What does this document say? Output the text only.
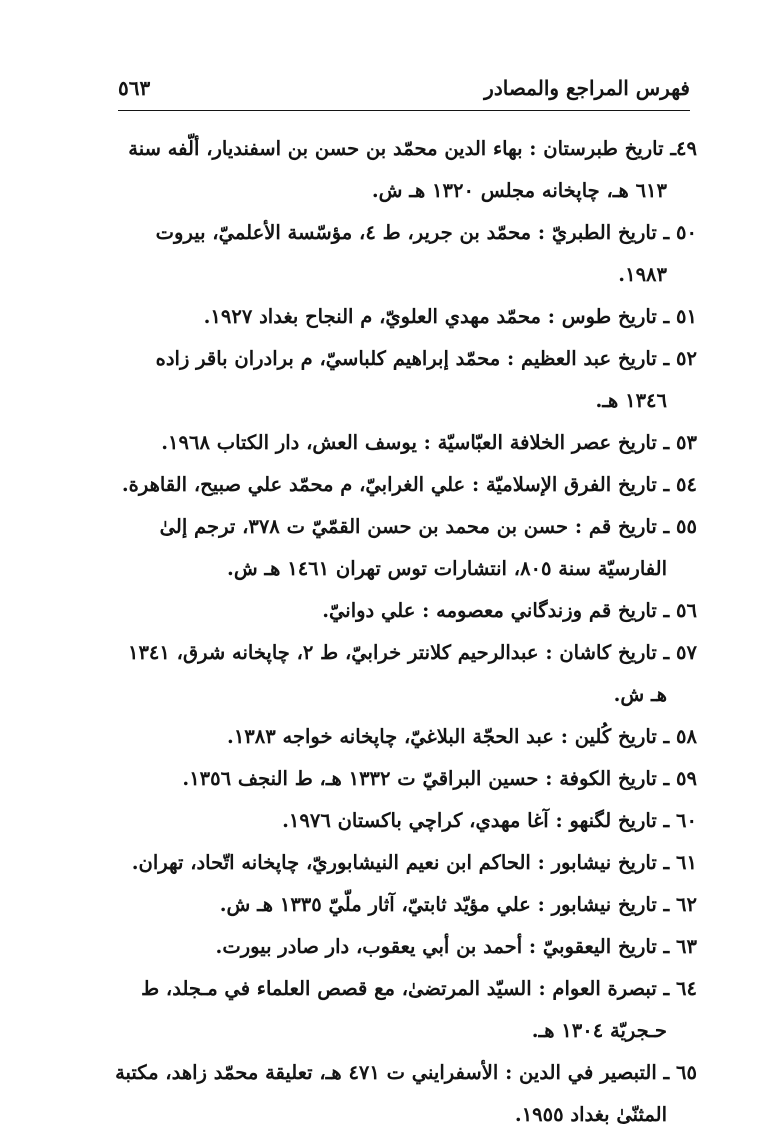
فهرس المراجع والمصادر
٥٦٣
٤٩ـ تاريخ طبرستان : بهاء الدين محمّد بن حسن بن اسفنديار، ألّفه سنة ٦١٣ هـ، چاپخانه مجلس ١٣٢٠ هـ ش.
٥٠ ـ تاريخ الطبريّ : محمّد بن جرير، ط ٤، مؤسّسة الأعلميّ، بيروت ١٩٨٣.
٥١ ـ تاريخ طوس : محمّد مهدي العلويّ، م النجاح بغداد ١٩٢٧.
٥٢ ـ تاريخ عبد العظيم : محمّد إبراهيم كلباسيّ، م برادران باقر زاده ١٣٤٦ هـ.
٥٣ ـ تاريخ عصر الخلافة العبّاسيّة : يوسف العش، دار الكتاب ١٩٦٨.
٥٤ ـ تاريخ الفرق الإسلاميّة : علي الغرابيّ، م محمّد علي صبيح، القاهرة.
٥٥ ـ تاريخ قم : حسن بن محمد بن حسن القمّيّ ت ٣٧٨، ترجم إلىٰ الفارسيّة سنة ٨٠٥، انتشارات توس تهران ١٤٦١ هـ ش.
٥٦ ـ تاريخ قم وزندگاني معصومه : علي دوانيّ.
٥٧ ـ تاريخ كاشان : عبدالرحيم كلانتر خرابيّ، ط ٢، چاپخانه شرق، ١٣٤١ هـ ش.
٥٨ ـ تاريخ كُلين : عبد الحجّة البلاغيّ، چاپخانه خواجه ١٣٨٣.
٥٩ ـ تاريخ الكوفة : حسين البراقيّ ت ١٣٣٢ هـ، ط النجف ١٣٥٦.
٦٠ ـ تاريخ لگنهو : آغا مهدي، كراچي باكستان ١٩٧٦.
٦١ ـ تاريخ نيشابور : الحاكم ابن نعيم النيشابوريّ، چاپخانه اتّحاد، تهران.
٦٢ ـ تاريخ نيشابور : علي مؤيّد ثابتيّ، آثار ملّيّ ١٣٣٥ هـ ش.
٦٣ ـ تاريخ اليعقوبيّ : أحمد بن أبي يعقوب، دار صادر بيورت.
٦٤ ـ تبصرة العوام : السيّد المرتضىٰ، مع قصص العلماء في مـجلد، ط حـجريّة ١٣٠٤ هـ.
٦٥ ـ التبصير في الدين : الأسفرايني ت ٤٧١ هـ، تعليقة محمّد زاهد، مكتبة المثنّىٰ بغداد ١٩٥٥.
